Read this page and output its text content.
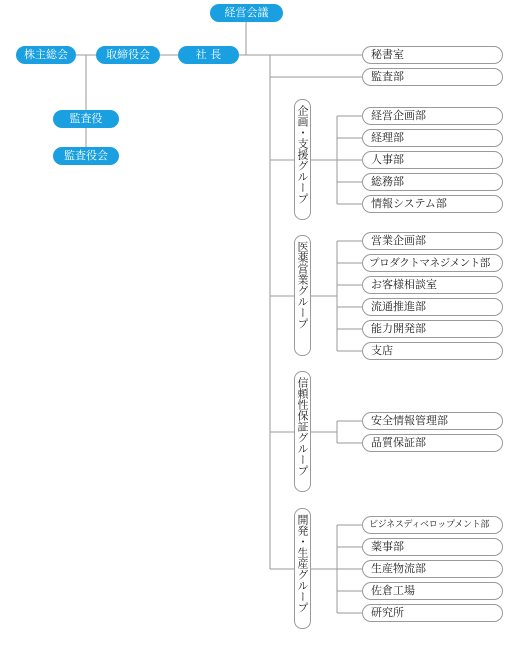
経営会議
株主総会	取締役会	社 長
監査役
監査役会
秘書室
監査部
企画・支援グループ	経営企画部
経理部
人事部
総務部
情報システム部
医薬営業グループ
営業企画部
プロダクトマネジメント部
お客様相談室
流通推進部
能力開発部
支店
信頼性保証グループ	安全情報管理部
品質保証部
開発・生産グループ	ビジネスディベロップメント部
薬事部
生産物流部
佐倉工場
研究所
